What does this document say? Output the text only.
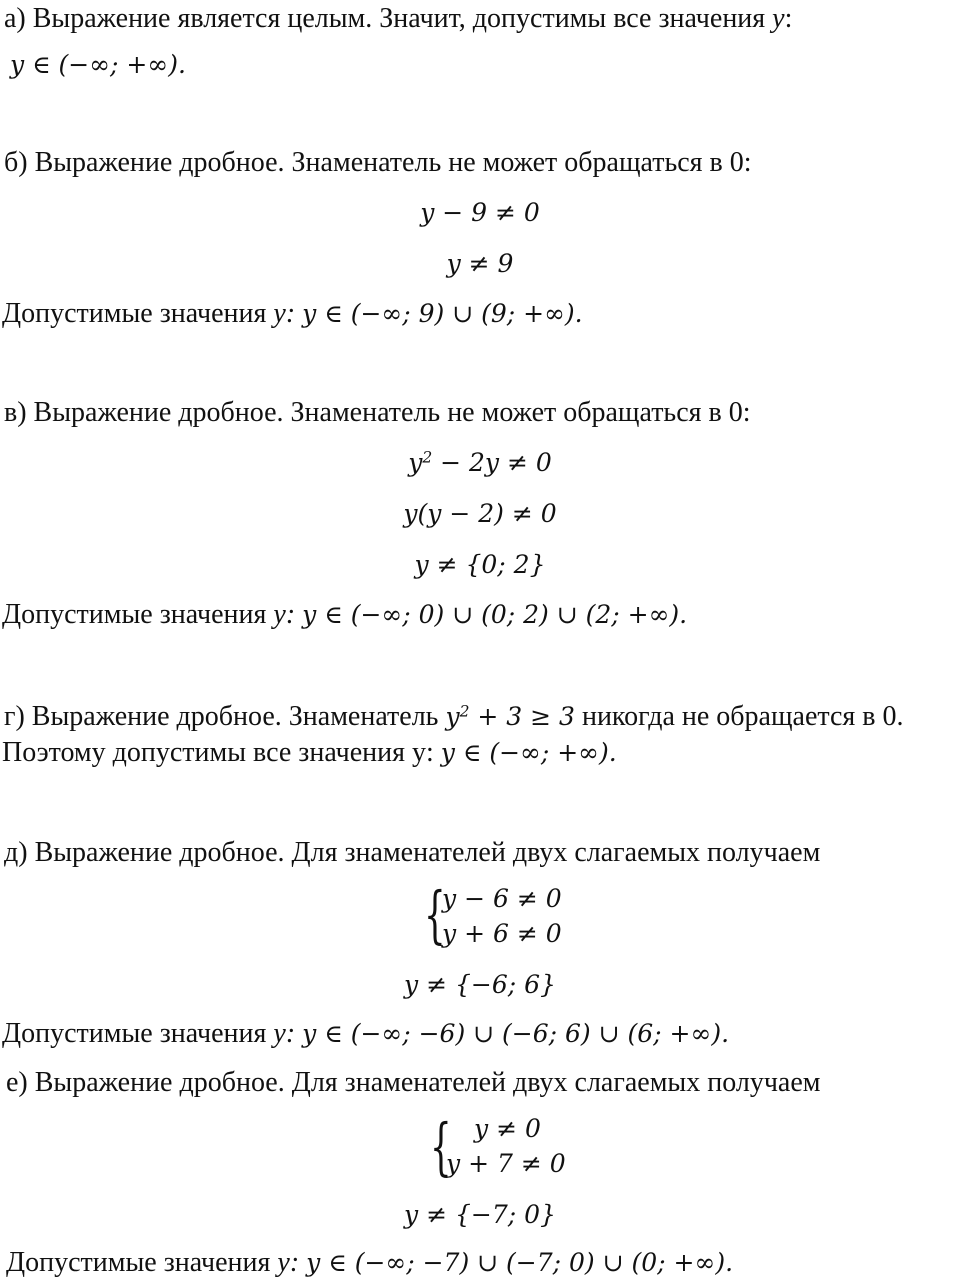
а) Выражение является целым. Значит, допустимы все значения y:
y ∈ (−∞; +∞).
б) Выражение дробное. Знаменатель не может обращаться в 0:
y − 9 ≠ 0
y ≠ 9
Допустимые значения y: y ∈ (−∞; 9) ∪ (9; +∞).
в) Выражение дробное. Знаменатель не может обращаться в 0:
$y^2 - 2y \ne 0$
y(y − 2) ≠ 0
y ≠ {0; 2}
Допустимые значения y: y ∈ (−∞; 0) ∪ (0; 2) ∪ (2; +∞).
г) Выражение дробное. Знаменатель $y^2 + 3 \ge 3$ никогда не обращается в 0.
Поэтому допустимы все значения y: y ∈ (−∞; +∞).
д) Выражение дробное. Для знаменателей двух слагаемых получаем
{
y − 6 ≠ 0
y + 6 ≠ 0
y ≠ {−6; 6}
Допустимые значения y: y ∈ (−∞; −6) ∪ (−6; 6) ∪ (6; +∞).
е) Выражение дробное. Для знаменателей двух слагаемых получаем
{ y ≠ 0
y + 7 ≠ 0
y ≠ {−7; 0}
Допустимые значения y: y ∈ (−∞; −7) ∪ (−7; 0) ∪ (0; +∞).
